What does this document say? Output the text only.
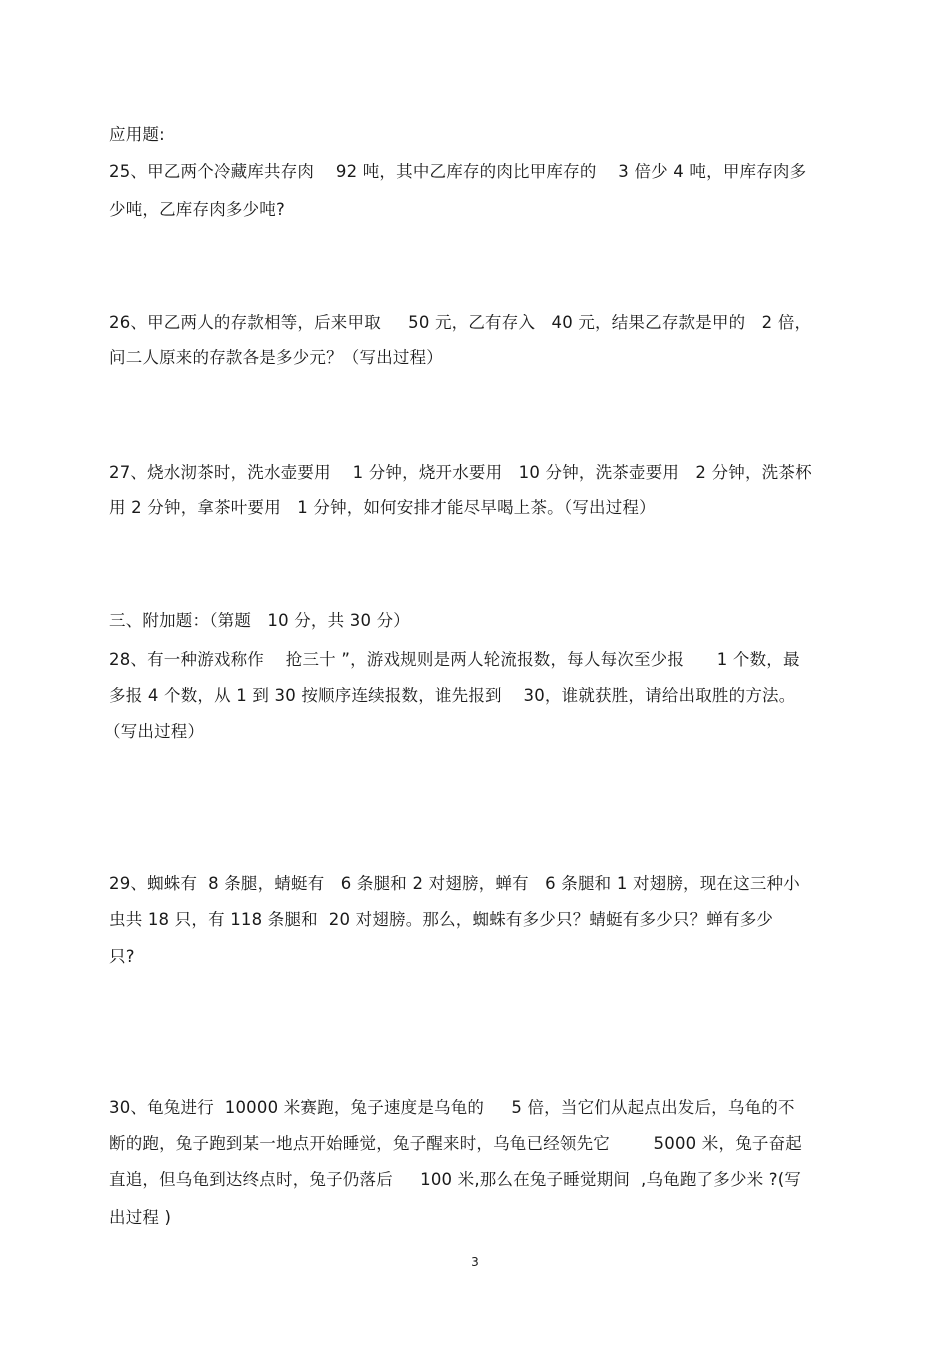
应用题:
25、甲乙两个冷藏库共存肉    92 吨，其中乙库存的肉比甲库存的    3 倍少 4 吨，甲库存肉多
少吨，乙库存肉多少吨?
26、甲乙两人的存款相等，后来甲取     50 元，乙有存入   40 元，结果乙存款是甲的   2 倍，
问二人原来的存款各是多少元？（写出过程）
27、烧水沏茶时，洗水壶要用    1 分钟，烧开水要用   10 分钟，洗茶壶要用   2 分钟，洗茶杯
用 2 分钟，拿茶叶要用   1 分钟，如何安排才能尽早喝上茶。（写出过程）
三、附加题：（第题   10 分，共 30 分）
28、有一种游戏称作    抢三十 ”，游戏规则是两人轮流报数，每人每次至少报      1 个数，最
多报 4 个数，从 1 到 30 按顺序连续报数，谁先报到    30，谁就获胜，请给出取胜的方法。
（写出过程）
29、蜘蛛有  8 条腿，蜻蜓有   6 条腿和 2 对翅膀，蝉有   6 条腿和 1 对翅膀，现在这三种小
虫共 18 只，有 118 条腿和  20 对翅膀。那么，蜘蛛有多少只？蜻蜓有多少只？蝉有多少
只?
30、龟兔进行  10000 米赛跑，兔子速度是乌龟的     5 倍，当它们从起点出发后，乌龟的不
断的跑，兔子跑到某一地点开始睡觉，兔子醒来时，乌龟已经领先它        5000 米，兔子奋起
直追，但乌龟到达终点时，兔子仍落后     100 米,那么在兔子睡觉期间  ,乌龟跑了多少米 ?(写
出过程 )
3
